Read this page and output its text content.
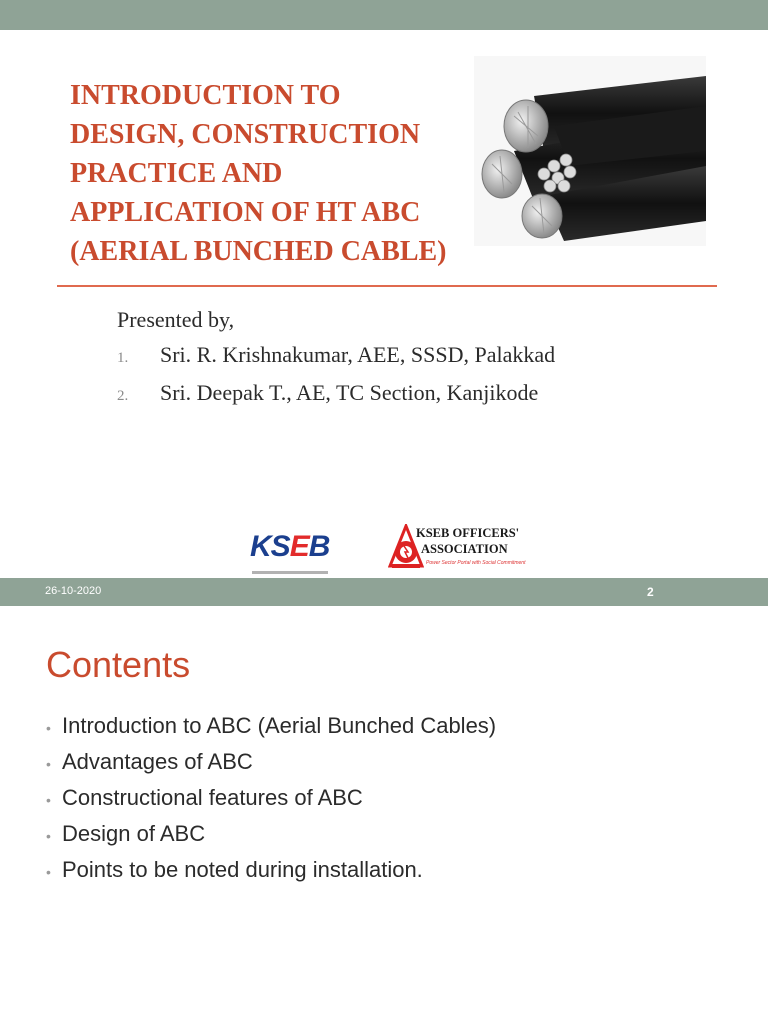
INTRODUCTION TO
DESIGN, CONSTRUCTION
PRACTICE AND
APPLICATION OF HT ABC
(AERIAL BUNCHED CABLE)
Presented by,
1.	Sri. R. Krishnakumar, AEE, SSSD, Palakkad
2.	Sri. Deepak T., AE, TC Section, Kanjikode
KSEB	KSEB OFFICERS'
ASSOCIATION
Power Sector Portal with Social Commitment
26-10-2020	2
Contents
• Introduction to ABC (Aerial Bunched Cables)
• Advantages of ABC
• Constructional features of ABC
• Design of ABC
• Points to be noted during installation.
